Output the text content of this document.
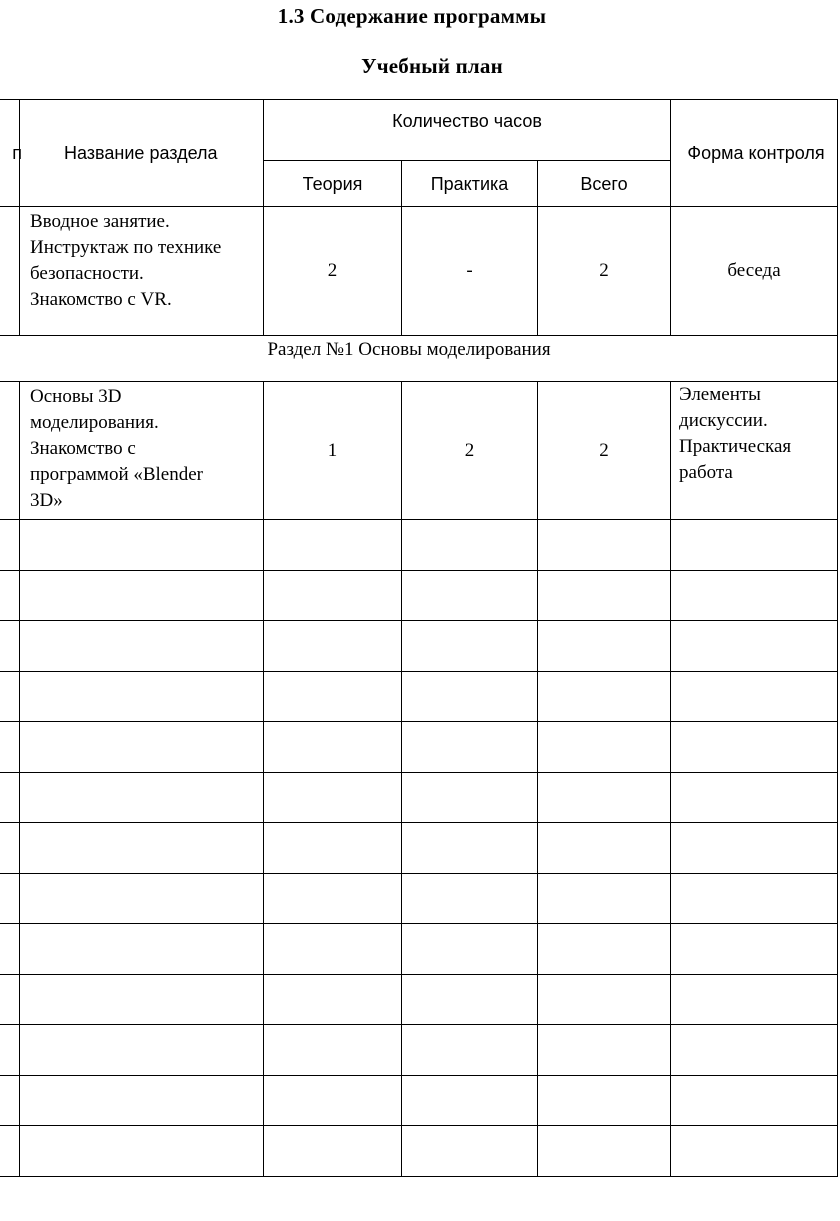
1.3 Содержание программы
Учебный план
п	Название раздела	Количество часов			Форма контроля

		Теория	Практика	Всего	

	Вводное занятие.
Инструктаж по технике
безопасности.
Знакомство с VR.	2	-	2	беседа

Раздел №1 Основы моделирования					

	Основы 3D
моделирования.
Знакомство с
программой «Blender
3D»	1	2	2	Элементы
дискуссии.
Практическая
работа
